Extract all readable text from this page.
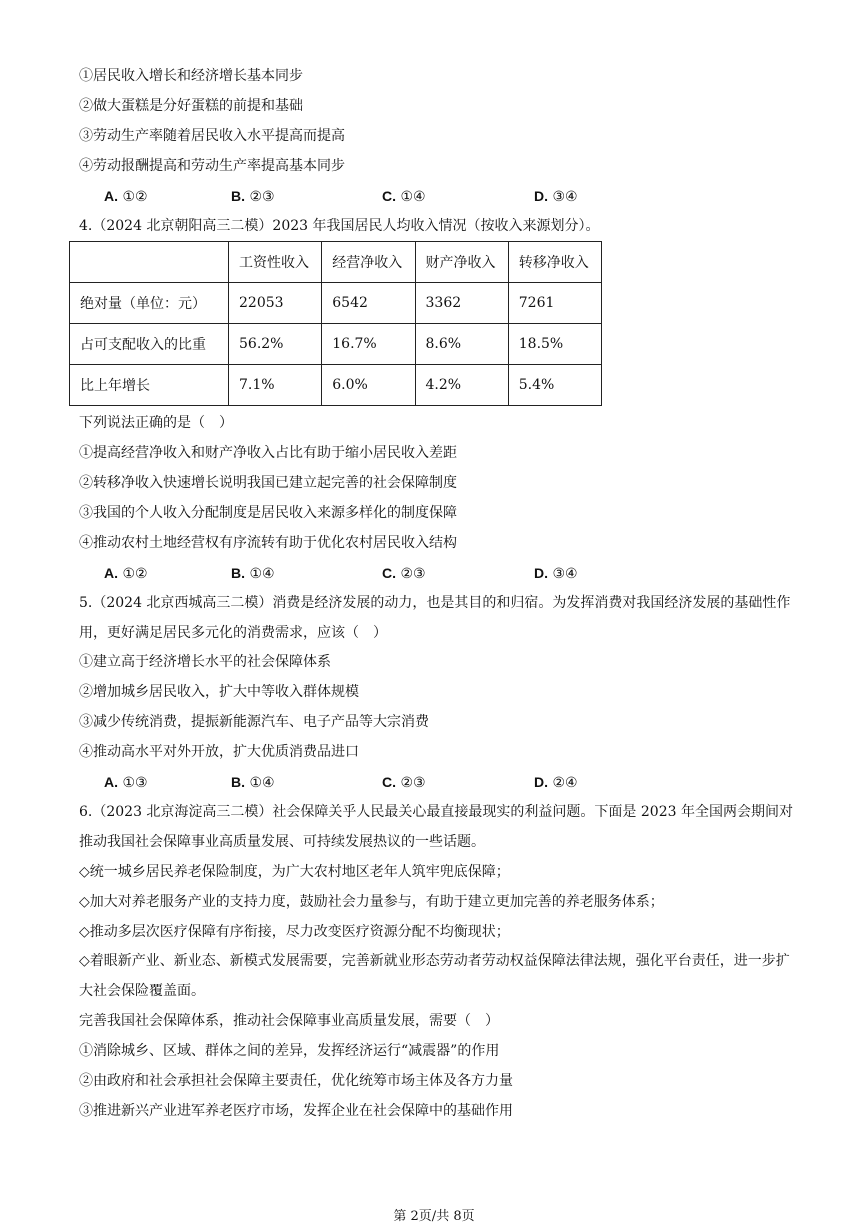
①居民收入增长和经济增长基本同步
②做大蛋糕是分好蛋糕的前提和基础
③劳动生产率随着居民收入水平提高而提高
④劳动报酬提高和劳动生产率提高基本同步
A. ①②	B. ②③	C. ①④	D. ③④
4.（2024 北京朝阳高三二模）2023 年我国居民人均收入情况（按收入来源划分）。
	工资性收入	经营净收入	财产净收入	转移净收入
绝对量（单位：元）	22053	6542	3362	7261
占可支配收入的比重	56.2%	16.7%	8.6%	18.5%
比上年增长	7.1%	6.0%	4.2%	5.4%
下列说法正确的是（　）
①提高经营净收入和财产净收入占比有助于缩小居民收入差距
②转移净收入快速增长说明我国已建立起完善的社会保障制度
③我国的个人收入分配制度是居民收入来源多样化的制度保障
④推动农村土地经营权有序流转有助于优化农村居民收入结构
A. ①②	B. ①④	C. ②③	D. ③④
5.（2024 北京西城高三二模）消费是经济发展的动力，也是其目的和归宿。为发挥消费对我国经济发展的基础性作用，更好满足居民多元化的消费需求，应该（　）
①建立高于经济增长水平的社会保障体系
②增加城乡居民收入，扩大中等收入群体规模
③减少传统消费，提振新能源汽车、电子产品等大宗消费
④推动高水平对外开放，扩大优质消费品进口
A. ①③	B. ①④	C. ②③	D. ②④
6.（2023 北京海淀高三二模）社会保障关乎人民最关心最直接最现实的利益问题。下面是 2023 年全国两会期间对推动我国社会保障事业高质量发展、可持续发展热议的一些话题。
◇统一城乡居民养老保险制度，为广大农村地区老年人筑牢兜底保障；
◇加大对养老服务产业的支持力度，鼓励社会力量参与，有助于建立更加完善的养老服务体系；
◇推动多层次医疗保障有序衔接，尽力改变医疗资源分配不均衡现状；
◇着眼新产业、新业态、新模式发展需要，完善新就业形态劳动者劳动权益保障法律法规，强化平台责任，进一步扩大社会保险覆盖面。
完善我国社会保障体系，推动社会保障事业高质量发展，需要（　）
①消除城乡、区域、群体之间的差异，发挥经济运行“减震器”的作用
②由政府和社会承担社会保障主要责任，优化统筹市场主体及各方力量
③推进新兴产业进军养老医疗市场，发挥企业在社会保障中的基础作用
第 2页/共 8页
